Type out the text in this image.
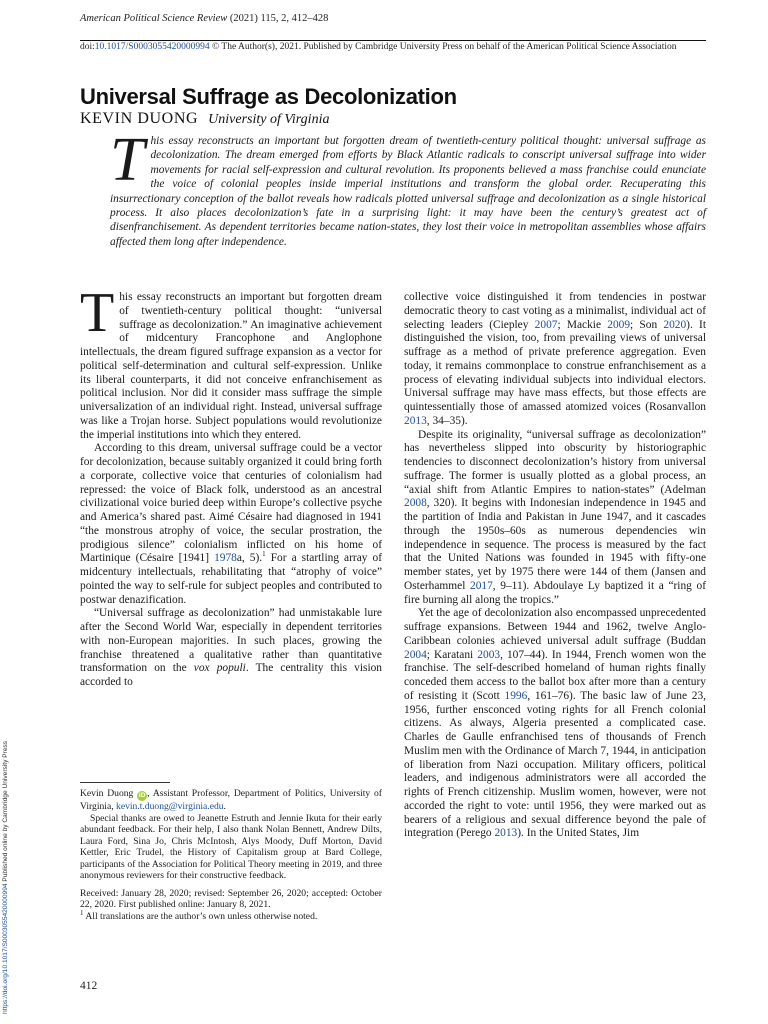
American Political Science Review (2021) 115, 2, 412–428
doi:10.1017/S0003055420000994 © The Author(s), 2021. Published by Cambridge University Press on behalf of the American Political Science Association
Universal Suffrage as Decolonization
KEVIN DUONG University of Virginia
This essay reconstructs an important but forgotten dream of twentieth-century political thought: universal suffrage as decolonization. The dream emerged from efforts by Black Atlantic radicals to conscript universal suffrage into wider movements for racial self-expression and cultural revolution. Its proponents believed a mass franchise could enunciate the voice of colonial peoples inside imperial institutions and transform the global order. Recuperating this insurrectionary conception of the ballot reveals how radicals plotted universal suffrage and decolonization as a single historical process. It also places decolonization’s fate in a surprising light: it may have been the century’s greatest act of disenfranchisement. As dependent territories became nation-states, they lost their voice in metropolitan assemblies whose affairs affected them long after independence.

This essay reconstructs an important but forgotten dream of twentieth-century political thought: “universal suffrage as decolonization.” An imaginative achievement of midcentury Francophone and Anglophone intellectuals, the dream figured suffrage expansion as a vector for political self-determination and cultural self-expression. Unlike its liberal counterparts, it did not conceive enfranchisement as political inclusion. Nor did it consider mass suffrage the simple universalization of an individual right. Instead, universal suffrage was like a Trojan horse. Subject populations would revolutionize the imperial institutions into which they entered.

According to this dream, universal suffrage could be a vector for decolonization, because suitably organized it could bring forth a corporate, collective voice that centuries of colonialism had repressed: the voice of Black folk, understood as an ancestral civilizational voice buried deep within Europe’s collective psyche and America’s shared past. Aimé Césaire had diagnosed in 1941 “the monstrous atrophy of voice, the secular prostration, the prodigious silence” colonialism inflicted on his home of Martinique (Césaire [1941] 1978a, 5).$^1$ For a startling array of midcentury intellectuals, rehabilitating that “atrophy of voice” pointed the way to self-rule for subject peoples and contributed to postwar denazification.

“Universal suffrage as decolonization” had unmistakable lure after the Second World War, especially in dependent territories with non-European majorities. In such places, growing the franchise threatened a qualitative rather than quantitative transformation on the vox populi. The centrality this vision accorded to

collective voice distinguished it from tendencies in postwar democratic theory to cast voting as a minimalist, individual act of selecting leaders (Ciepley 2007; Mackie 2009; Son 2020). It distinguished the vision, too, from prevailing views of universal suffrage as a method of private preference aggregation. Even today, it remains commonplace to construe enfranchisement as a process of elevating individual subjects into individual electors. Universal suffrage may have mass effects, but those effects are quintessentially those of amassed atomized voices (Rosanvallon 2013, 34–35).

Despite its originality, “universal suffrage as decolonization” has nevertheless slipped into obscurity by historiographic tendencies to disconnect decolonization’s history from universal suffrage. The former is usually plotted as a global process, an “axial shift from Atlantic Empires to nation-states” (Adelman 2008, 320). It begins with Indonesian independence in 1945 and the partition of India and Pakistan in June 1947, and it cascades through the 1950s–60s as numerous dependencies win independence in sequence. The process is measured by the fact that the United Nations was founded in 1945 with fifty-one member states, yet by 1975 there were 144 of them (Jansen and Osterhammel 2017, 9–11). Abdoulaye Ly baptized it a “ring of fire burning all along the tropics.”

Yet the age of decolonization also encompassed unprecedented suffrage expansions. Between 1944 and 1962, twelve Anglo-Caribbean colonies achieved universal adult suffrage (Buddan 2004; Karatani 2003, 107–44). In 1944, French women won the franchise. The self-described homeland of human rights finally conceded them access to the ballot box after more than a century of resisting it (Scott 1996, 161–76). The basic law of June 23, 1956, further ensconced voting rights for all French colonial citizens. As always, Algeria presented a complicated case. Charles de Gaulle enfranchised tens of thousands of French Muslim men with the Ordinance of March 7, 1944, in anticipation of liberation from Nazi occupation. Military officers, political leaders, and indigenous administrators were all accorded the rights of French citizenship. Muslim women, however, were not accorded the right to vote: until 1956, they were marked out as bearers of a religious and sexual difference beyond the pale of integration (Perego 2013). In the United States, Jim

Kevin Duong iD , Assistant Professor, Department of Politics, University of Virginia, kevin.t.duong@virginia.edu.

Special thanks are owed to Jeanette Estruth and Jennie Ikuta for their early abundant feedback. For their help, I also thank Nolan Bennett, Andrew Dilts, Laura Ford, Sina Jo, Chris McIntosh, Alys Moody, Duff Morton, David Kettler, Eric Trudel, the History of Capitalism group at Bard College, participants of the Association for Political Theory meeting in 2019, and three anonymous reviewers for their constructive feedback.

Received: January 28, 2020; revised: September 26, 2020; accepted: October 22, 2020. First published online: January 8, 2021.

$^1$ All translations are the author’s own unless otherwise noted.

412
https://doi.org/10.1017/S0003055420000994 Published online by Cambridge University Press
